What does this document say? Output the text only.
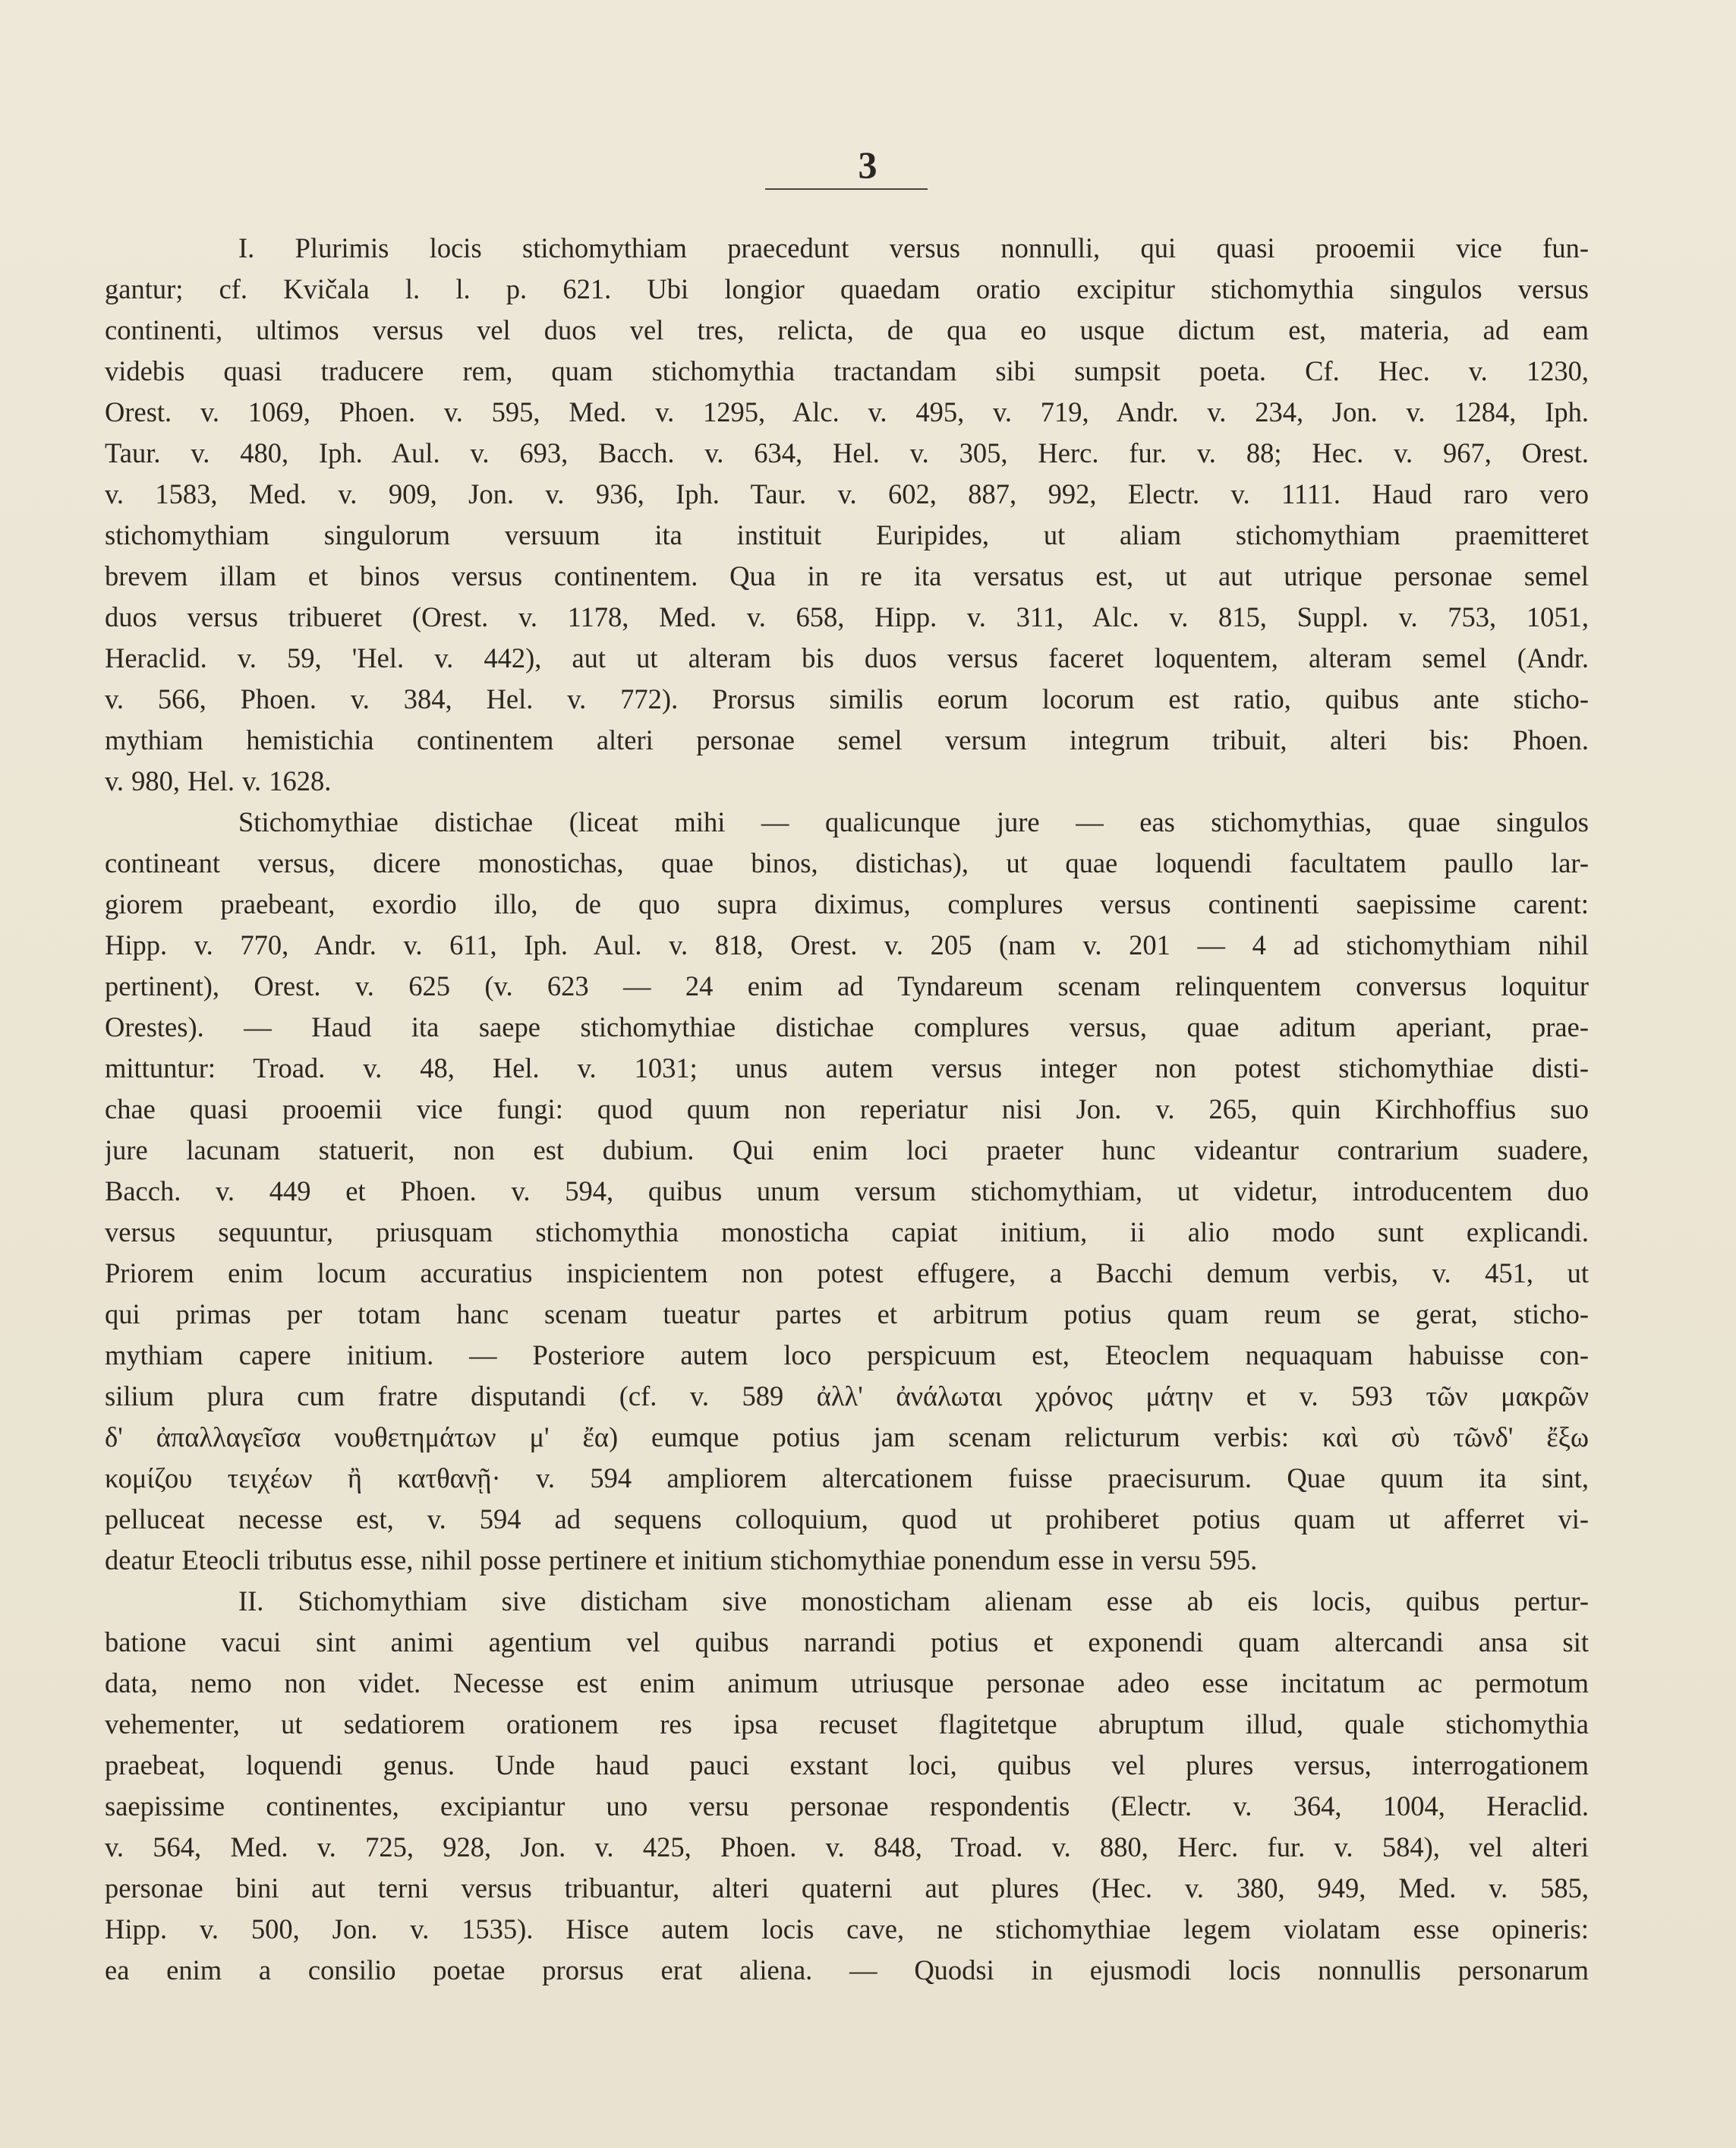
3
I. Plurimis locis stichomythiam praecedunt versus nonnulli, qui quasi prooemii vice fun-
gantur; cf. Kvičala l. l. p. 621. Ubi longior quaedam oratio excipitur stichomythia singulos versus
continenti, ultimos versus vel duos vel tres, relicta, de qua eo usque dictum est, materia, ad eam
videbis quasi traducere rem, quam stichomythia tractandam sibi sumpsit poeta. Cf. Hec. v. 1230,
Orest. v. 1069, Phoen. v. 595, Med. v. 1295, Alc. v. 495, v. 719, Andr. v. 234, Jon. v. 1284, Iph.
Taur. v. 480, Iph. Aul. v. 693, Bacch. v. 634, Hel. v. 305, Herc. fur. v. 88; Hec. v. 967, Orest.
v. 1583, Med. v. 909, Jon. v. 936, Iph. Taur. v. 602, 887, 992, Electr. v. 1111. Haud raro vero
stichomythiam singulorum versuum ita instituit Euripides, ut aliam stichomythiam praemitteret
brevem illam et binos versus continentem. Qua in re ita versatus est, ut aut utrique personae semel
duos versus tribueret (Orest. v. 1178, Med. v. 658, Hipp. v. 311, Alc. v. 815, Suppl. v. 753, 1051,
Heraclid. v. 59, 'Hel. v. 442), aut ut alteram bis duos versus faceret loquentem, alteram semel (Andr.
v. 566, Phoen. v. 384, Hel. v. 772). Prorsus similis eorum locorum est ratio, quibus ante sticho-
mythiam hemistichia continentem alteri personae semel versum integrum tribuit, alteri bis: Phoen.
v. 980, Hel. v. 1628.
Stichomythiae distichae (liceat mihi — qualicunque jure — eas stichomythias, quae singulos
contineant versus, dicere monostichas, quae binos, distichas), ut quae loquendi facultatem paullo lar-
giorem praebeant, exordio illo, de quo supra diximus, complures versus continenti saepissime carent:
Hipp. v. 770, Andr. v. 611, Iph. Aul. v. 818, Orest. v. 205 (nam v. 201 — 4 ad stichomythiam nihil
pertinent), Orest. v. 625 (v. 623 — 24 enim ad Tyndareum scenam relinquentem conversus loquitur
Orestes). — Haud ita saepe stichomythiae distichae complures versus, quae aditum aperiant, prae-
mittuntur: Troad. v. 48, Hel. v. 1031; unus autem versus integer non potest stichomythiae disti-
chae quasi prooemii vice fungi: quod quum non reperiatur nisi Jon. v. 265, quin Kirchhoffius suo
jure lacunam statuerit, non est dubium. Qui enim loci praeter hunc videantur contrarium suadere,
Bacch. v. 449 et Phoen. v. 594, quibus unum versum stichomythiam, ut videtur, introducentem duo
versus sequuntur, priusquam stichomythia monosticha capiat initium, ii alio modo sunt explicandi.
Priorem enim locum accuratius inspicientem non potest effugere, a Bacchi demum verbis, v. 451, ut
qui primas per totam hanc scenam tueatur partes et arbitrum potius quam reum se gerat, sticho-
mythiam capere initium. — Posteriore autem loco perspicuum est, Eteoclem nequaquam habuisse con-
silium plura cum fratre disputandi (cf. v. 589 ἀλλ' ἀνάλωται χρόνος μάτην et v. 593 τῶν μακρῶν
δ' ἀπαλλαγεῖσα νουθετημάτων μ' ἔα) eumque potius jam scenam relicturum verbis: καὶ σὺ τῶνδ' ἔξω
κομίζου τειχέων ἢ κατθανῇ· v. 594 ampliorem altercationem fuisse praecisurum. Quae quum ita sint,
pelluceat necesse est, v. 594 ad sequens colloquium, quod ut prohiberet potius quam ut afferret vi-
deatur Eteocli tributus esse, nihil posse pertinere et initium stichomythiae ponendum esse in versu 595.
II. Stichomythiam sive disticham sive monosticham alienam esse ab eis locis, quibus pertur-
batione vacui sint animi agentium vel quibus narrandi potius et exponendi quam altercandi ansa sit
data, nemo non videt. Necesse est enim animum utriusque personae adeo esse incitatum ac permotum
vehementer, ut sedatiorem orationem res ipsa recuset flagitetque abruptum illud, quale stichomythia
praebeat, loquendi genus. Unde haud pauci exstant loci, quibus vel plures versus, interrogationem
saepissime continentes, excipiantur uno versu personae respondentis (Electr. v. 364, 1004, Heraclid.
v. 564, Med. v. 725, 928, Jon. v. 425, Phoen. v. 848, Troad. v. 880, Herc. fur. v. 584), vel alteri
personae bini aut terni versus tribuantur, alteri quaterni aut plures (Hec. v. 380, 949, Med. v. 585,
Hipp. v. 500, Jon. v. 1535). Hisce autem locis cave, ne stichomythiae legem violatam esse opineris:
ea enim a consilio poetae prorsus erat aliena. — Quodsi in ejusmodi locis nonnullis personarum
